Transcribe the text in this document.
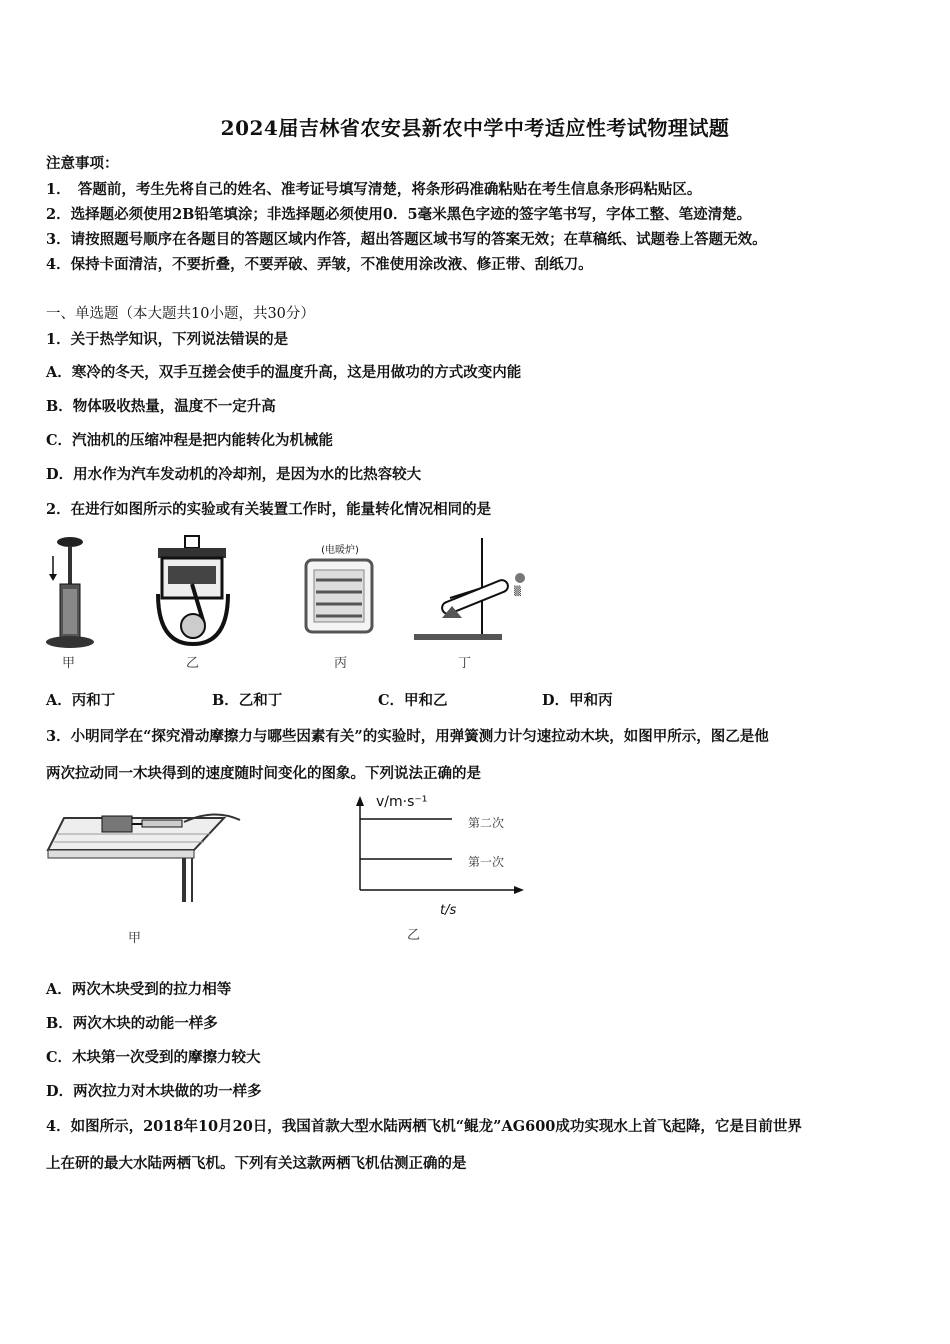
2024届吉林省农安县新农中学中考适应性考试物理试题
注意事项：
1．　答题前，考生先将自己的姓名、准考证号填写清楚，将条形码准确粘贴在考生信息条形码粘贴区。
2．选择题必须使用2B铅笔填涂；非选择题必须使用0．5毫米黑色字迹的签字笔书写，字体工整、笔迹清楚。
3．请按照题号顺序在各题目的答题区域内作答，超出答题区域书写的答案无效；在草稿纸、试题卷上答题无效。
4．保持卡面清洁，不要折叠，不要弄破、弄皱，不准使用涂改液、修正带、刮纸刀。
一、单选题（本大题共10小题，共30分）
1．关于热学知识，下列说法错误的是
A．寒冷的冬天，双手互搓会使手的温度升高，这是用做功的方式改变内能
B．物体吸收热量，温度不一定升高
C．汽油机的压缩冲程是把内能转化为机械能
D．用水作为汽车发动机的冷却剂，是因为水的比热容较大
2．在进行如图所示的实验或有关装置工作时，能量转化情况相同的是
甲	乙
(电暖炉)
丙
▒
丁
A．丙和丁	B．乙和丁	C．甲和乙	D．甲和丙
3．小明同学在“探究滑动摩擦力与哪些因素有关”的实验时，用弹簧测力计匀速拉动木块，如图甲所示，图乙是他
两次拉动同一木块得到的速度随时间变化的图象。下列说法正确的是
甲
v/m·s⁻¹
第二次
第一次
t/s
乙
A．两次木块受到的拉力相等
B．两次木块的动能一样多
C．木块第一次受到的摩擦力较大
D．两次拉力对木块做的功一样多
4．如图所示，2018年10月20日，我国首款大型水陆两栖飞机“鲲龙”AG600成功实现水上首飞起降，它是目前世界
上在研的最大水陆两栖飞机。下列有关这款两栖飞机估测正确的是
